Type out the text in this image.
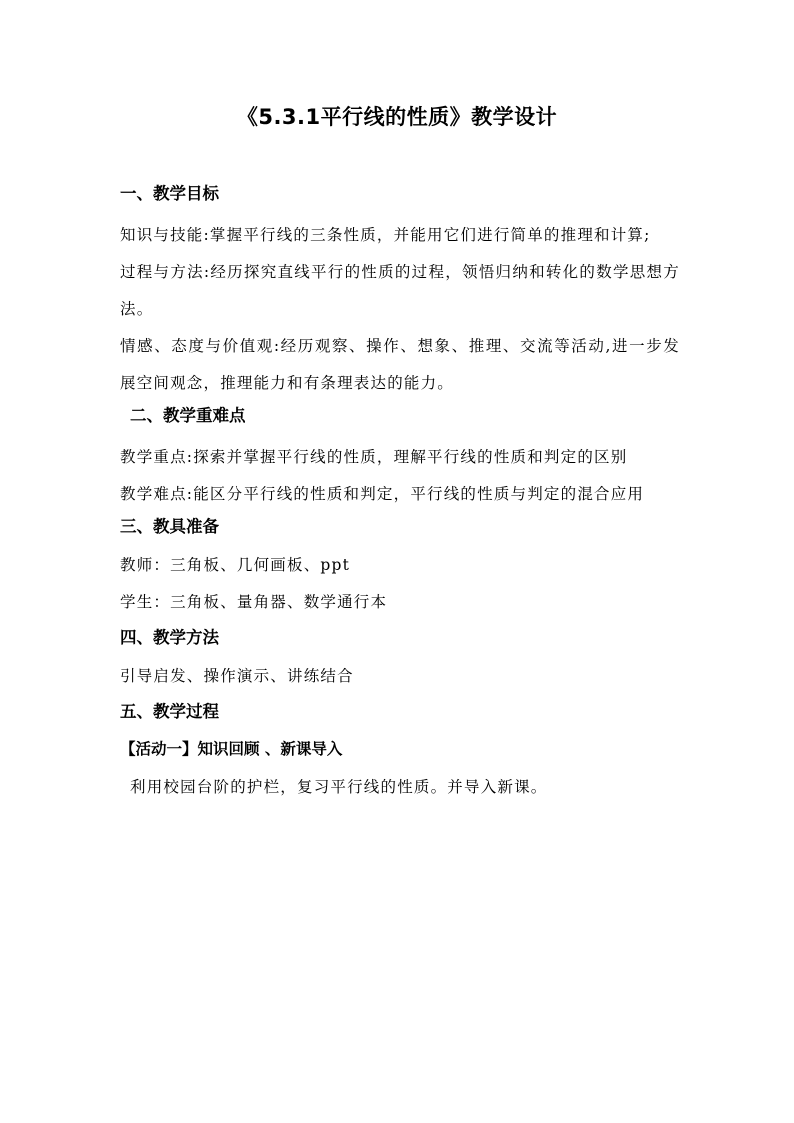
《5.3.1平行线的性质》教学设计
一、教学目标
知识与技能:掌握平行线的三条性质，并能用它们进行简单的推理和计算;
过程与方法:经历探究直线平行的性质的过程，领悟归纳和转化的数学思想方法。
情感、态度与价值观:经历观察、操作、想象、推理、交流等活动,进一步发展空间观念，推理能力和有条理表达的能力。
二、教学重难点
教学重点:探索并掌握平行线的性质，理解平行线的性质和判定的区别
教学难点:能区分平行线的性质和判定，平行线的性质与判定的混合应用
三、教具准备
教师：三角板、几何画板、ppt
学生：三角板、量角器、数学通行本
四、教学方法
引导启发、操作演示、讲练结合
五、教学过程
【活动一】知识回顾 、新课导入
利用校园台阶的护栏，复习平行线的性质。并导入新课。
